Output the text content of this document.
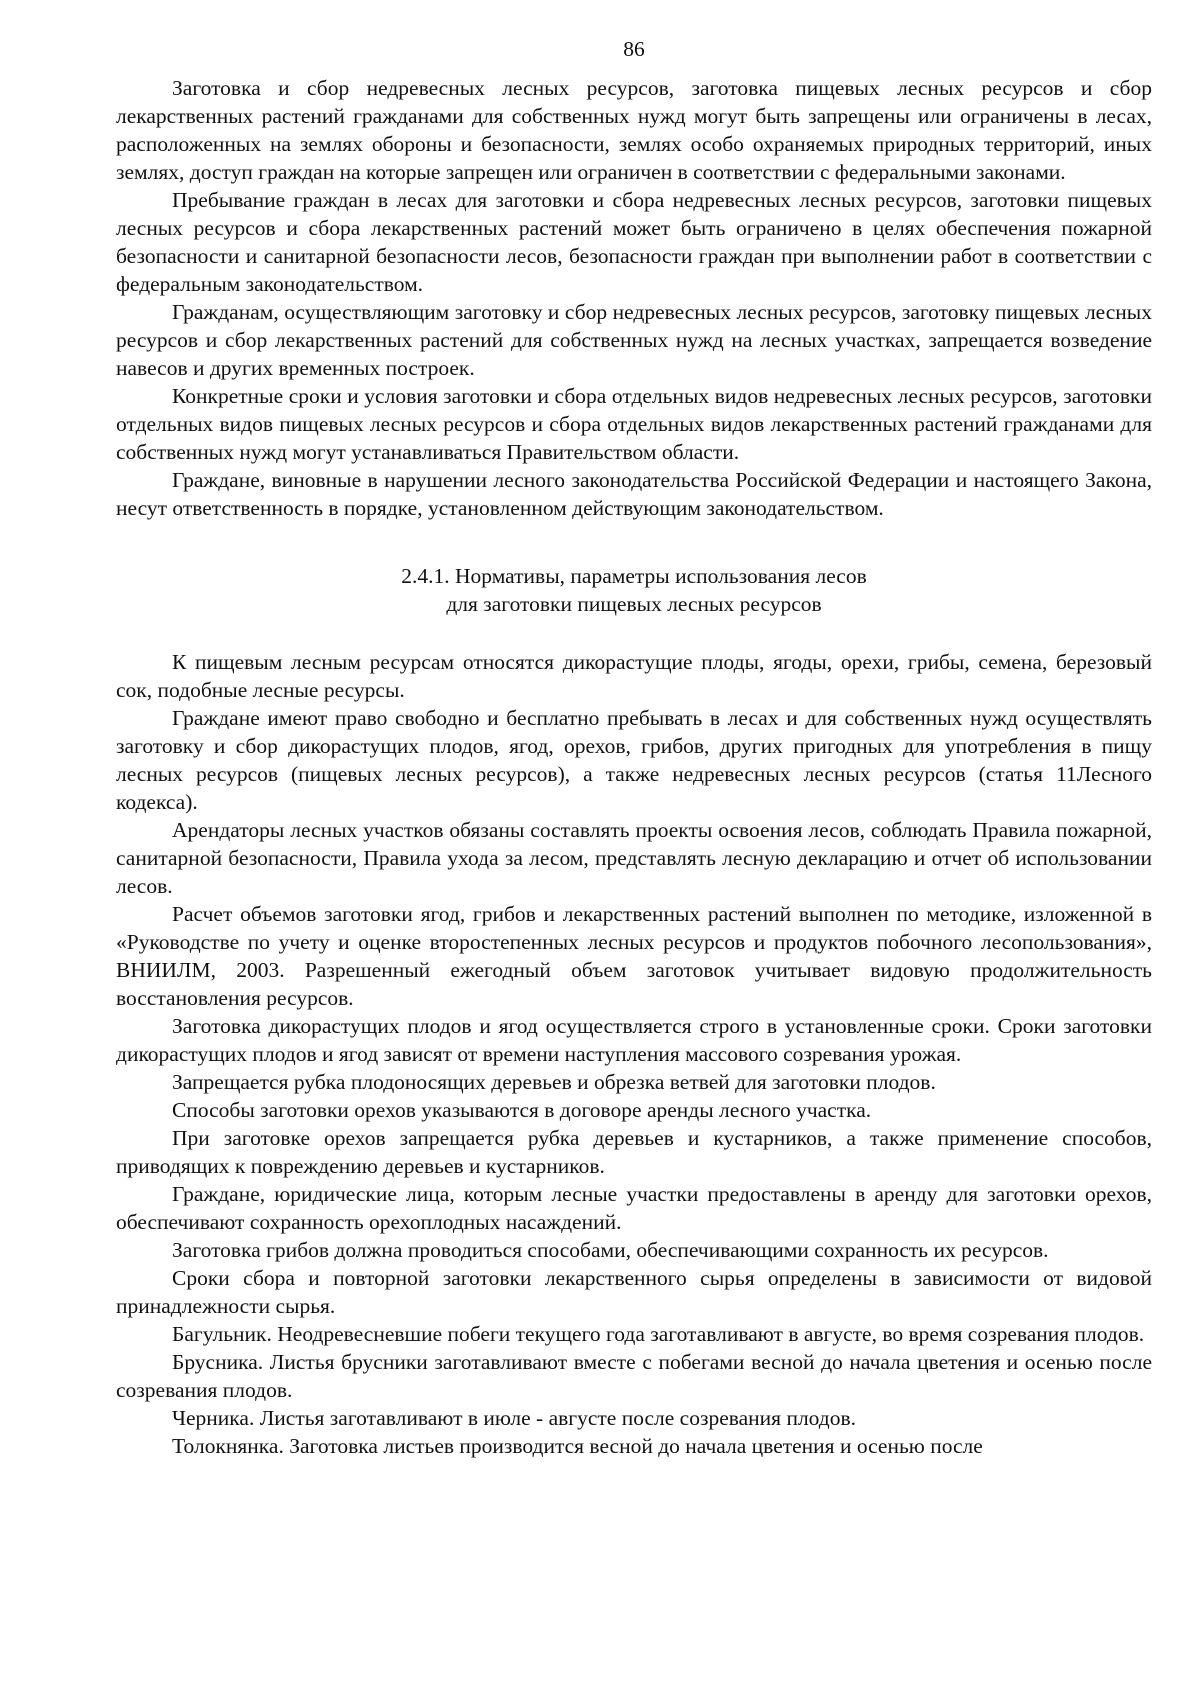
86

Заготовка и сбор недревесных лесных ресурсов, заготовка пищевых лесных ресурсов и сбор лекарственных растений гражданами для собственных нужд могут быть запрещены или ограничены в лесах, расположенных на землях обороны и безопасности, землях особо охраняемых природных территорий, иных землях, доступ граждан на которые запрещен или ограничен в соответствии с федеральными законами.

Пребывание граждан в лесах для заготовки и сбора недревесных лесных ресурсов, заготовки пищевых лесных ресурсов и сбора лекарственных растений может быть ограничено в целях обеспечения пожарной безопасности и санитарной безопасности лесов, безопасности граждан при выполнении работ в соответствии с федеральным законодательством.

Гражданам, осуществляющим заготовку и сбор недревесных лесных ресурсов, заготовку пищевых лесных ресурсов и сбор лекарственных растений для собственных нужд на лесных участках, запрещается возведение навесов и других временных построек.

Конкретные сроки и условия заготовки и сбора отдельных видов недревесных лесных ресурсов, заготовки отдельных видов пищевых лесных ресурсов и сбора отдельных видов лекарственных растений гражданами для собственных нужд могут устанавливаться Правительством области.

Граждане, виновные в нарушении лесного законодательства Российской Федерации и настоящего Закона, несут ответственность в порядке, установленном действующим законодательством.

2.4.1. Нормативы, параметры использования лесов
для заготовки пищевых лесных ресурсов

К пищевым лесным ресурсам относятся дикорастущие плоды, ягоды, орехи, грибы, семена, березовый сок, подобные лесные ресурсы.

Граждане имеют право свободно и бесплатно пребывать в лесах и для собственных нужд осуществлять заготовку и сбор дикорастущих плодов, ягод, орехов, грибов, других пригодных для употребления в пищу лесных ресурсов (пищевых лесных ресурсов), а также недревесных лесных ресурсов (статья 11Лесного кодекса).

Арендаторы лесных участков обязаны составлять проекты освоения лесов, соблюдать Правила пожарной, санитарной безопасности, Правила ухода за лесом, представлять лесную декларацию и отчет об использовании лесов.

Расчет объемов заготовки ягод, грибов и лекарственных растений выполнен по методике, изложенной в «Руководстве по учету и оценке второстепенных лесных ресурсов и продуктов побочного лесопользования», ВНИИЛМ, 2003. Разрешенный ежегодный объем заготовок учитывает видовую продолжительность восстановления ресурсов.

Заготовка дикорастущих плодов и ягод осуществляется строго в установленные сроки. Сроки заготовки дикорастущих плодов и ягод зависят от времени наступления массового созревания урожая.

Запрещается рубка плодоносящих деревьев и обрезка ветвей для заготовки плодов.

Способы заготовки орехов указываются в договоре аренды лесного участка.

При заготовке орехов запрещается рубка деревьев и кустарников, а также применение способов, приводящих к повреждению деревьев и кустарников.

Граждане, юридические лица, которым лесные участки предоставлены в аренду для заготовки орехов, обеспечивают сохранность орехоплодных насаждений.

Заготовка грибов должна проводиться способами, обеспечивающими сохранность их ресурсов.

Сроки сбора и повторной заготовки лекарственного сырья определены в зависимости от видовой принадлежности сырья.

Багульник. Неодревесневшие побеги текущего года заготавливают в августе, во время созревания плодов.

Брусника. Листья брусники заготавливают вместе с побегами весной до начала цветения и осенью после созревания плодов.

Черника. Листья заготавливают в июле - августе после созревания плодов.

Толокнянка. Заготовка листьев производится весной до начала цветения и осенью после
